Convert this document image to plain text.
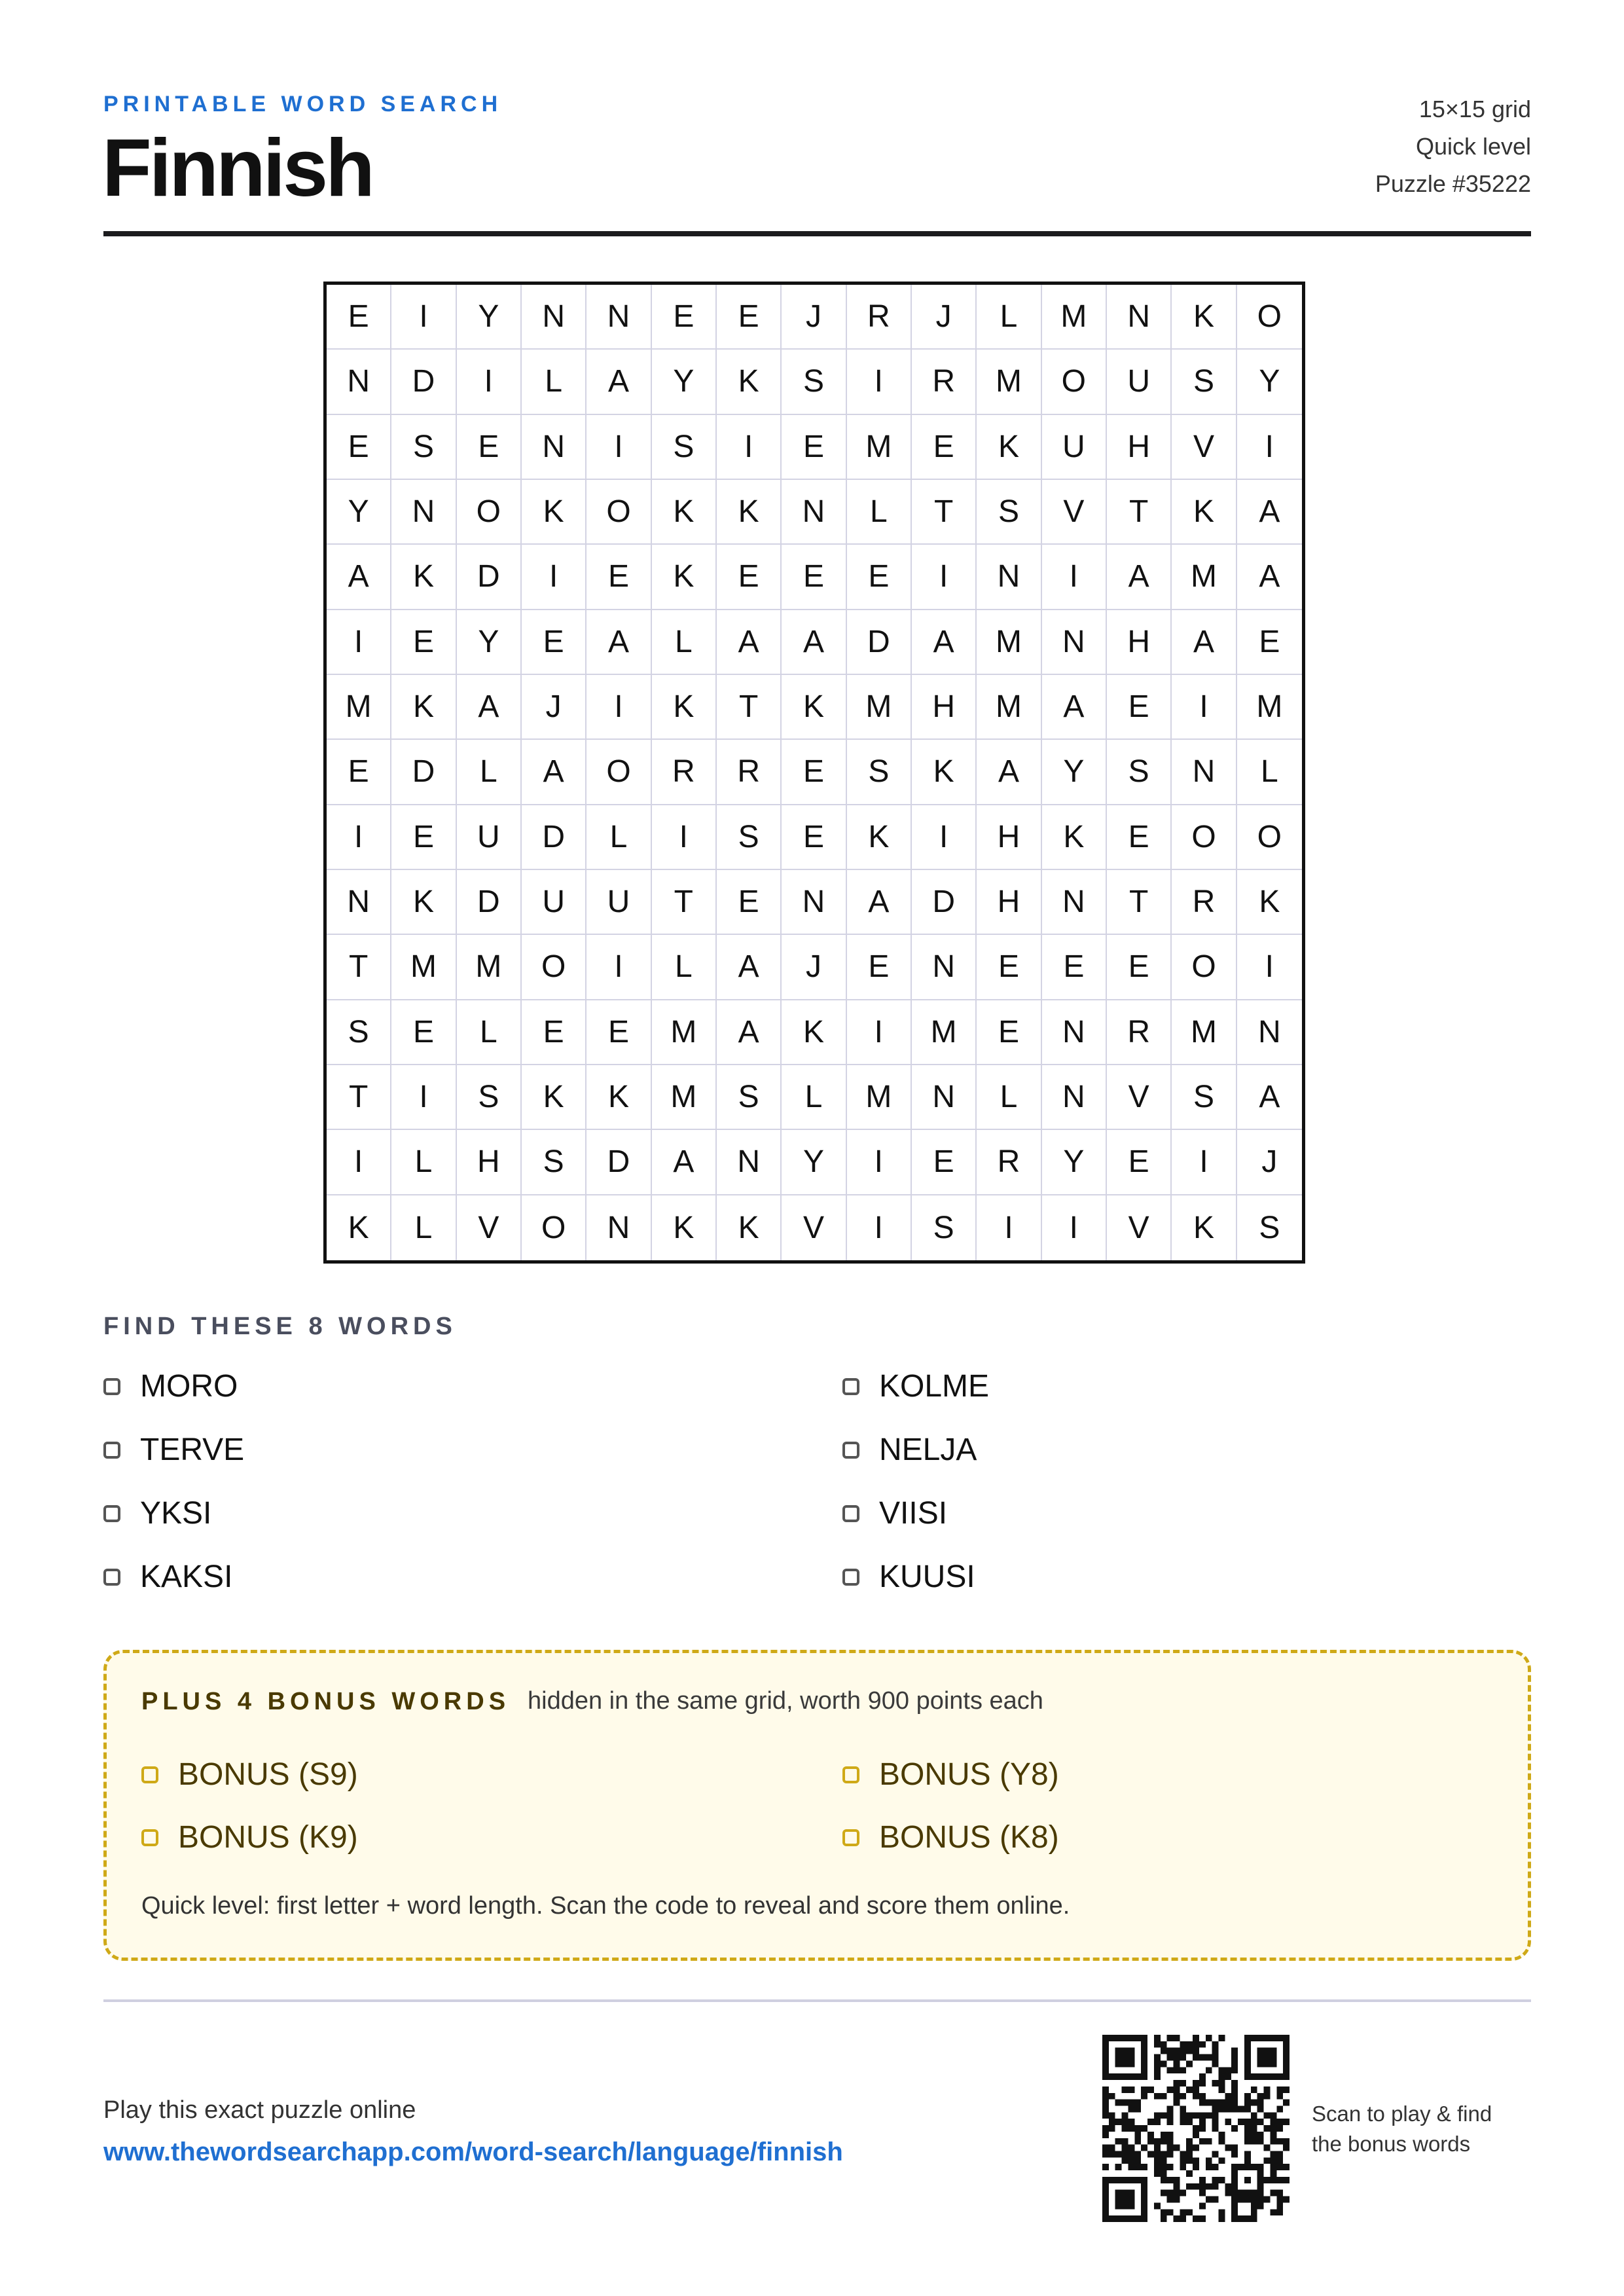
PRINTABLE WORD SEARCH
Finnish
15×15 grid
Quick level
Puzzle #35222
E	I	Y	N	N	E	E	J	R	J	L	M	N	K	O
N	D	I	L	A	Y	K	S	I	R	M	O	U	S	Y
E	S	E	N	I	S	I	E	M	E	K	U	H	V	I
Y	N	O	K	O	K	K	N	L	T	S	V	T	K	A
A	K	D	I	E	K	E	E	E	I	N	I	A	M	A
I	E	Y	E	A	L	A	A	D	A	M	N	H	A	E
M	K	A	J	I	K	T	K	M	H	M	A	E	I	M
E	D	L	A	O	R	R	E	S	K	A	Y	S	N	L
I	E	U	D	L	I	S	E	K	I	H	K	E	O	O
N	K	D	U	U	T	E	N	A	D	H	N	T	R	K
T	M	M	O	I	L	A	J	E	N	E	E	E	O	I
S	E	L	E	E	M	A	K	I	M	E	N	R	M	N
T	I	S	K	K	M	S	L	M	N	L	N	V	S	A
I	L	H	S	D	A	N	Y	I	E	R	Y	E	I	J
K	L	V	O	N	K	K	V	I	S	I	I	V	K	S
FIND THESE 8 WORDS
MORO
TERVE
YKSI
KAKSI
KOLME
NELJA
VIISI
KUUSI
PLUS 4 BONUS WORDS hidden in the same grid, worth 900 points each
BONUS (S9)
BONUS (K9)
BONUS (Y8)
BONUS (K8)
Quick level: first letter + word length. Scan the code to reveal and score them online.
Play this exact puzzle online
www.thewordsearchapp.com/word-search/language/finnish
Scan to play & find
the bonus words
